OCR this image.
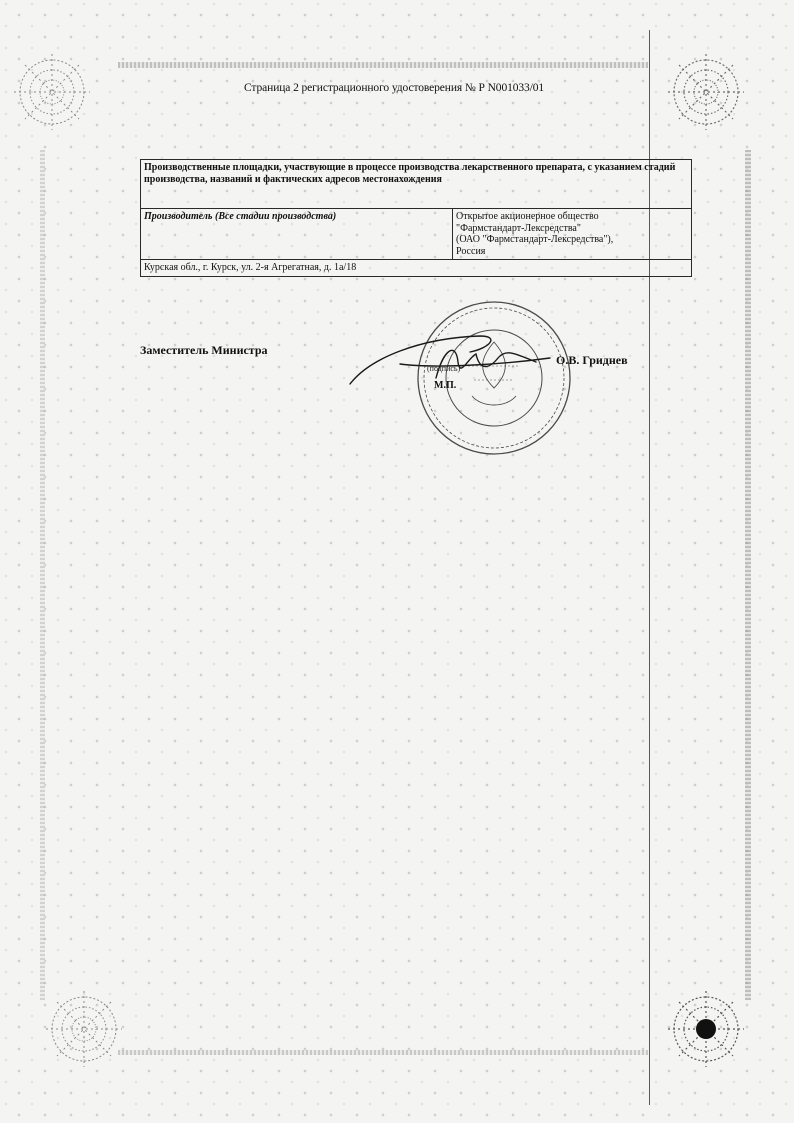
Страница 2 регистрационного удостоверения № Р N001033/01
Производственные площадки, участвующие в процессе производства лекарственного препарата, с указанием стадий производства, названий и фактических адресов местонахождения
Производитель (Все стадии производства)	Открытое акционерное общество
"Фармстандарт-Лексредства"
(ОАО "Фармстандарт-Лексредства"),
Россия

Курская обл., г. Курск, ул. 2-я Агрегатная, д. 1а/18
Заместитель Министра
О.В. Гриднев
(подпись)
М.П.
